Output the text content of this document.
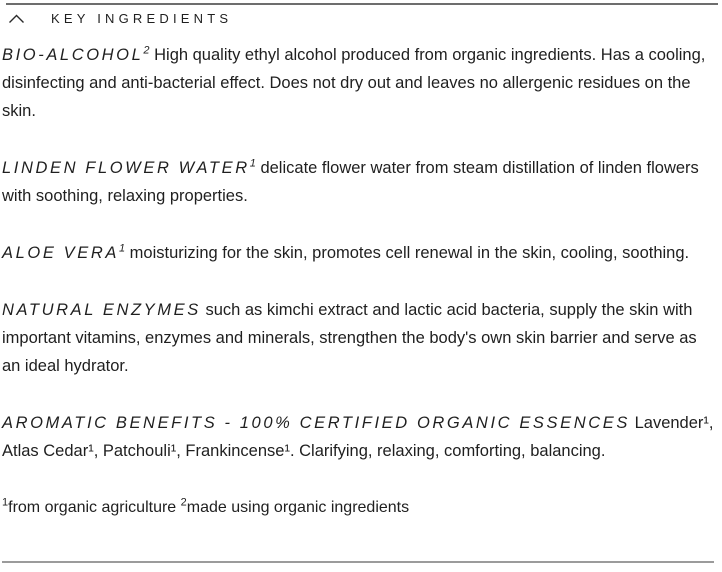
KEY INGREDIENTS

BIO-ALCOHOL$^2$ High quality ethyl alcohol produced from organic ingredients. Has a cooling, disinfecting and anti-bacterial effect. Does not dry out and leaves no allergenic residues on the skin.

LINDEN FLOWER WATER$^1$ delicate flower water from steam distillation of linden flowers with soothing, relaxing properties.

ALOE VERA$^1$ moisturizing for the skin, promotes cell renewal in the skin, cooling, soothing.

NATURAL ENZYMES such as kimchi extract and lactic acid bacteria, supply the skin with important vitamins, enzymes and minerals, strengthen the body's own skin barrier and serve as an ideal hydrator.

AROMATIC BENEFITS - 100% CERTIFIED ORGANIC ESSENCES Lavender¹, Atlas Cedar¹, Patchouli¹, Frankincense¹. Clarifying, relaxing, comforting, balancing.

$^1$from organic agriculture $^2$made using organic ingredients
